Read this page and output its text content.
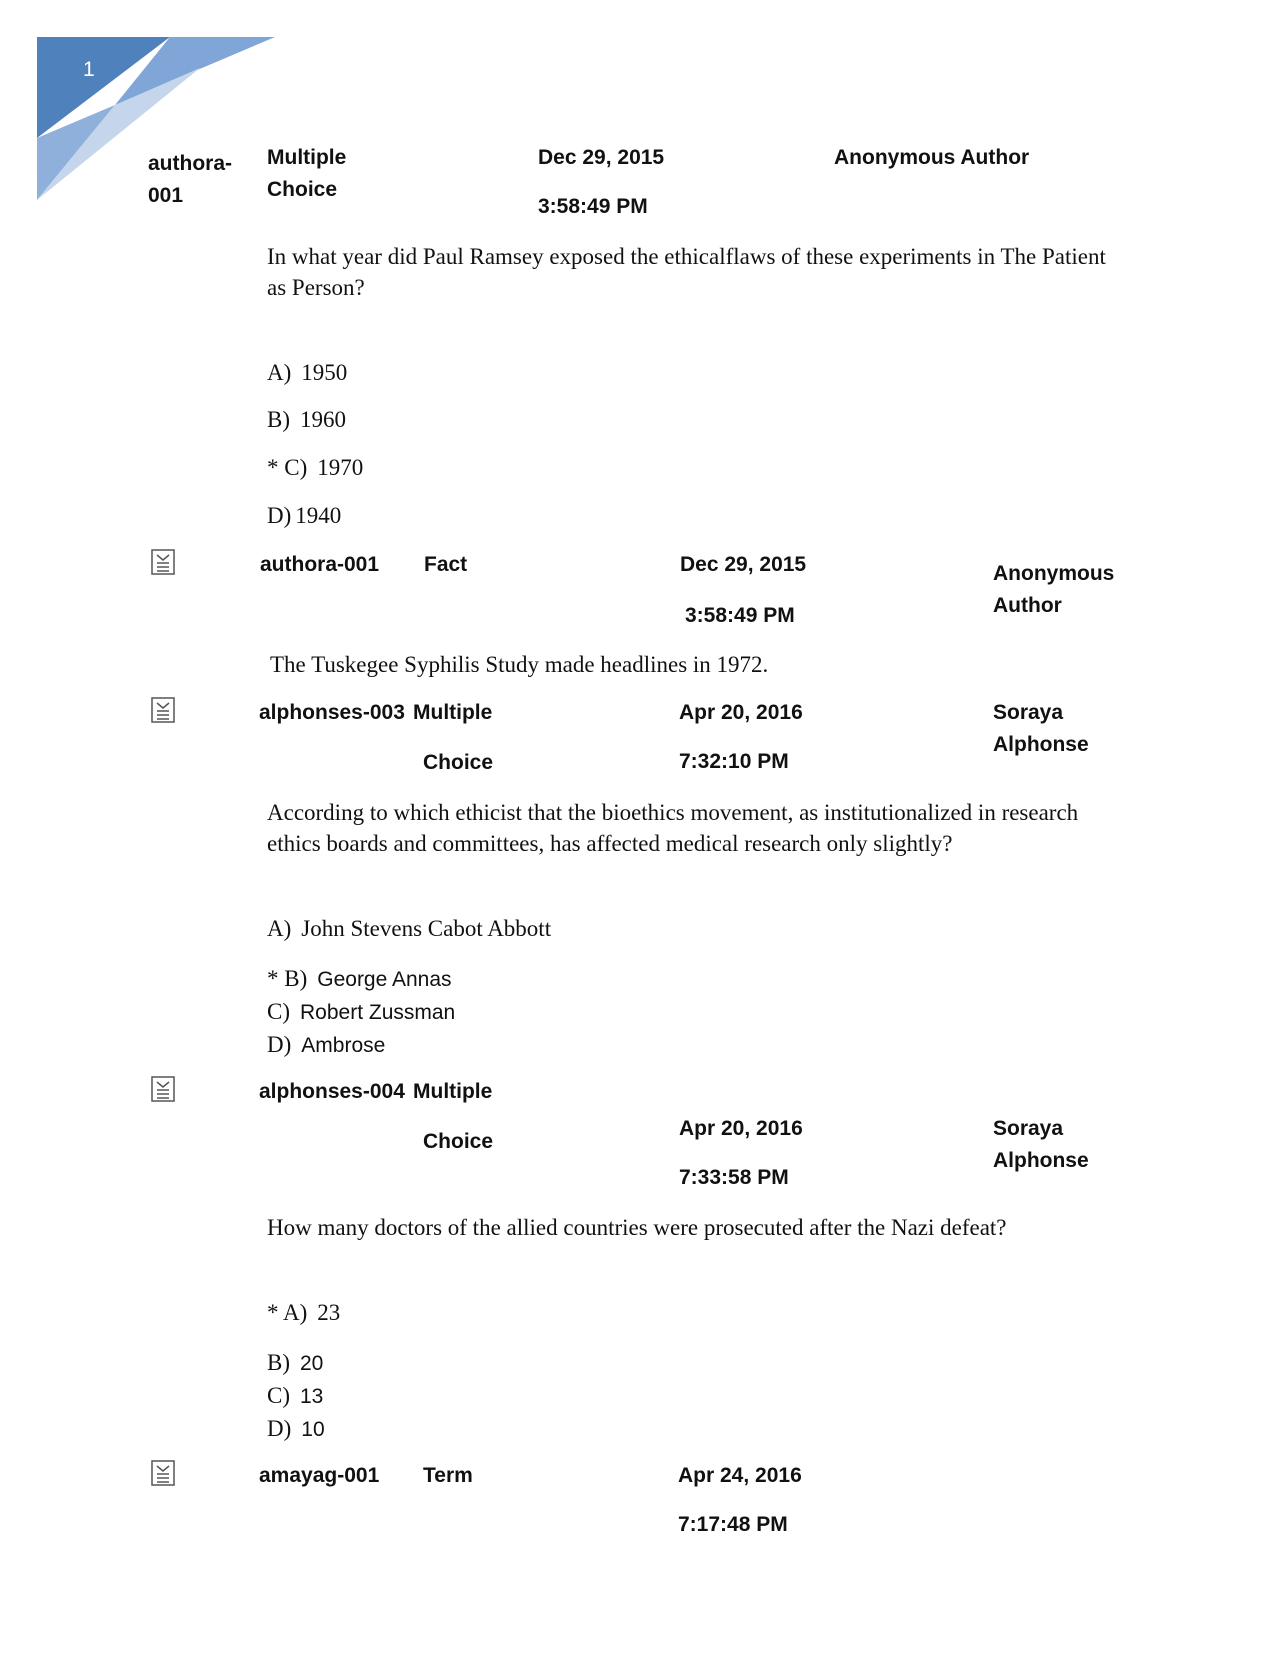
1
authora-
001
Multiple
Choice
Dec 29, 2015
3:58:49 PM
Anonymous Author
In what year did Paul Ramsey exposed the ethicalflaws of these experiments in The Patient as Person?
A) 1950
B) 1960
* C) 1970
D) 1940
authora-001 Fact	Dec 29, 2015
3:58:49 PM
Anonymous
Author
The Tuskegee Syphilis Study made headlines in 1972.
alphonses-003 Multiple
Choice
Apr 20, 2016
7:32:10 PM
Soraya
Alphonse
According to which ethicist that the bioethics movement, as institutionalized in research ethics boards and committees, has affected medical research only slightly?
A) John Stevens Cabot Abbott
* B) George Annas
C) Robert Zussman
D) Ambrose
alphonses-004 Multiple
Choice
Apr 20, 2016
7:33:58 PM
Soraya
Alphonse
How many doctors of the allied countries were prosecuted after the Nazi defeat?
* A) 23
B) 20
C) 13
D) 10
amayag-001 Term	Apr 24, 2016
7:17:48 PM
